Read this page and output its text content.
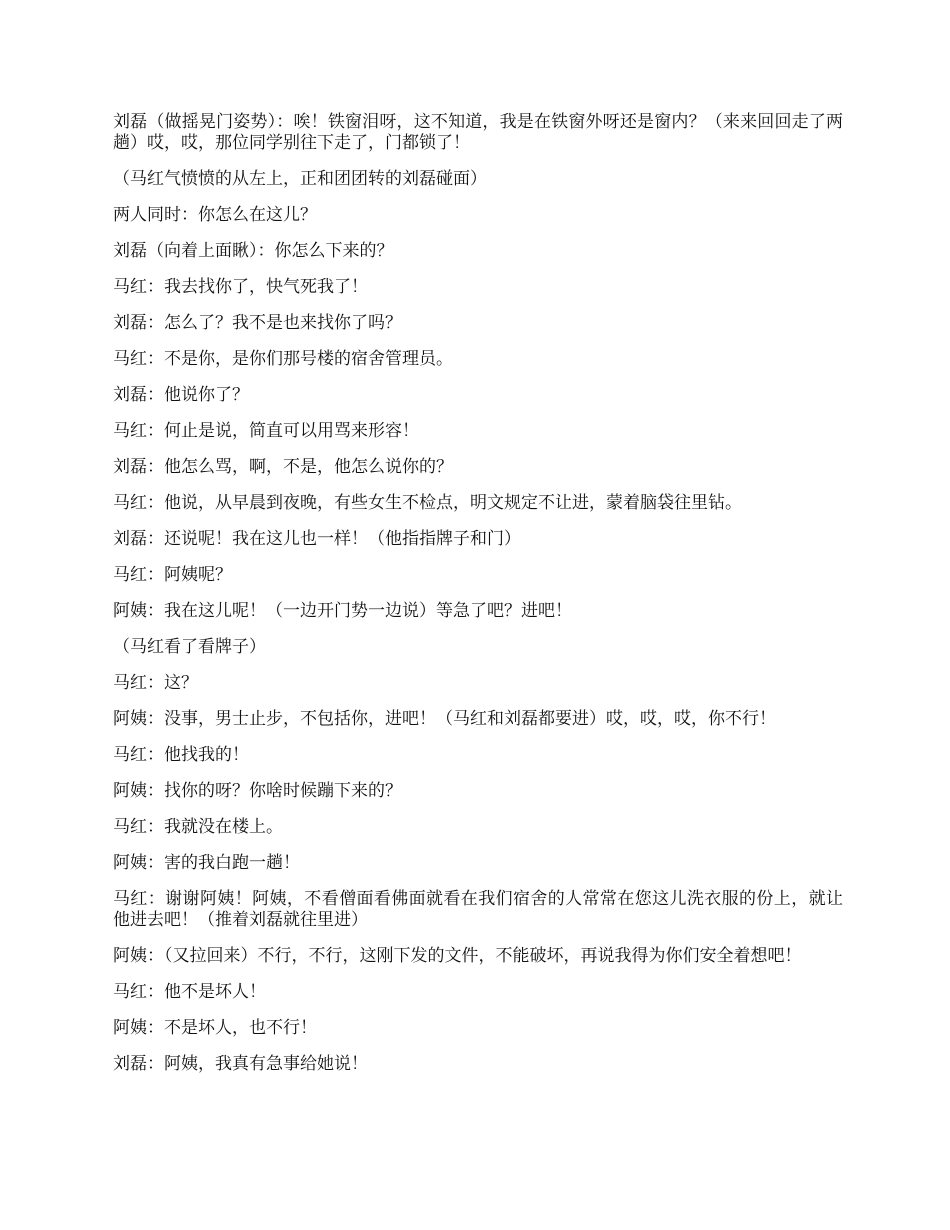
刘磊（做摇晃门姿势）：唉！铁窗泪呀，这不知道，我是在铁窗外呀还是窗内？（来来回回走了两趟）哎，哎，那位同学别往下走了，门都锁了！

（马红气愤愤的从左上，正和团团转的刘磊碰面）

两人同时：你怎么在这儿？

刘磊（向着上面瞅）：你怎么下来的？

马红：我去找你了，快气死我了！

刘磊：怎么了？我不是也来找你了吗？

马红：不是你，是你们那号楼的宿舍管理员。

刘磊：他说你了？

马红：何止是说，简直可以用骂来形容！

刘磊：他怎么骂，啊，不是，他怎么说你的？

马红：他说，从早晨到夜晚，有些女生不检点，明文规定不让进，蒙着脑袋往里钻。

刘磊：还说呢！我在这儿也一样！（他指指牌子和门）

马红：阿姨呢？

阿姨：我在这儿呢！（一边开门势一边说）等急了吧？进吧！

（马红看了看牌子）

马红：这？

阿姨：没事，男士止步，不包括你，进吧！（马红和刘磊都要进）哎，哎，哎，你不行！

马红：他找我的！

阿姨：找你的呀？你啥时候蹦下来的？

马红：我就没在楼上。

阿姨：害的我白跑一趟！

马红：谢谢阿姨！阿姨，不看僧面看佛面就看在我们宿舍的人常常在您这儿洗衣服的份上，就让他进去吧！（推着刘磊就往里进）

阿姨：（又拉回来）不行，不行，这刚下发的文件，不能破坏，再说我得为你们安全着想吧！

马红：他不是坏人！

阿姨：不是坏人，也不行！

刘磊：阿姨，我真有急事给她说！
